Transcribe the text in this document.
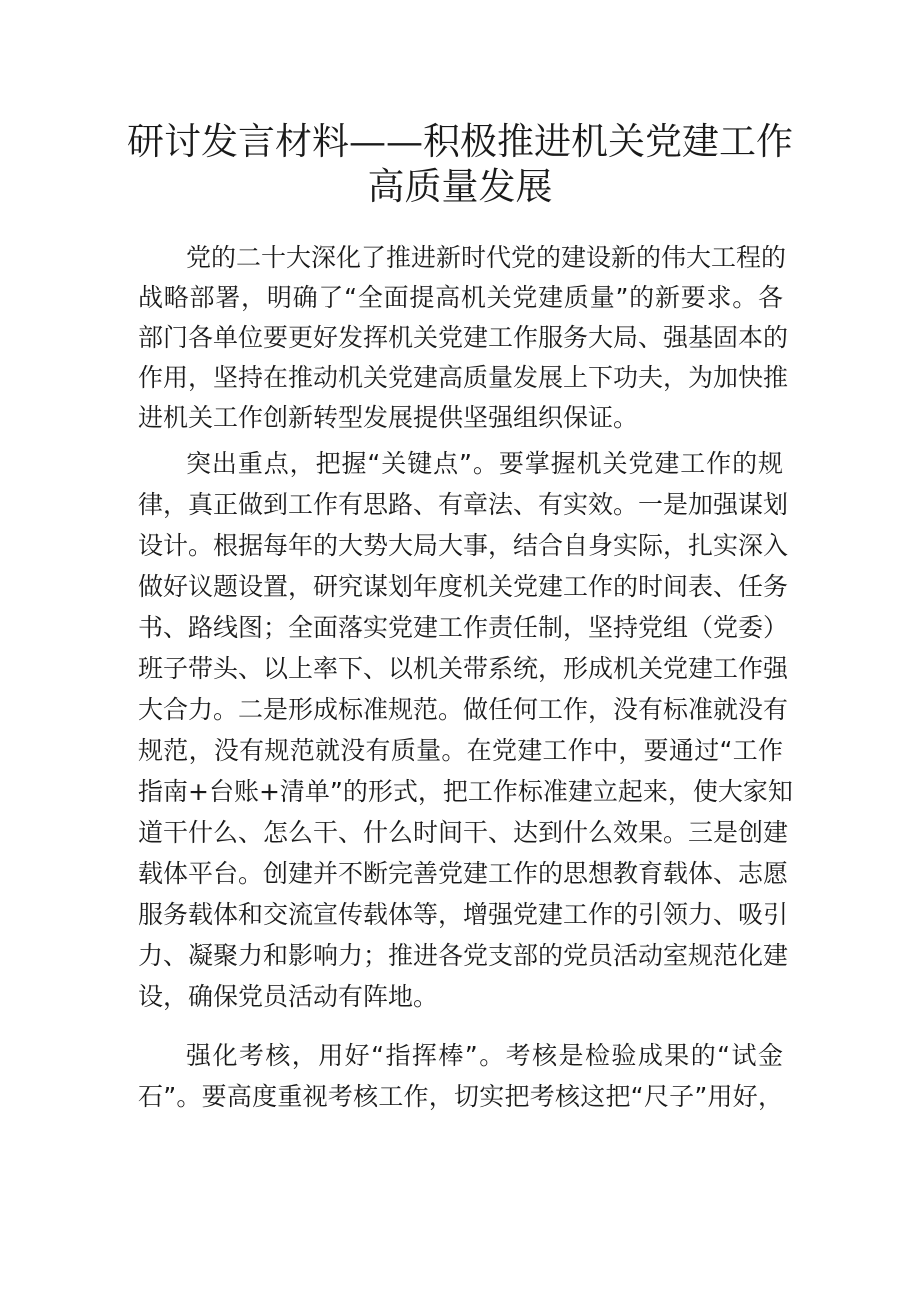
研讨发言材料——积极推进机关党建工作
高质量发展
党的二十大深化了推进新时代党的建设新的伟大工程的
战略部署，明确了“全面提高机关党建质量”的新要求。各
部门各单位要更好发挥机关党建工作服务大局、强基固本的
作用，坚持在推动机关党建高质量发展上下功夫，为加快推
进机关工作创新转型发展提供坚强组织保证。
突出重点，把握“关键点”。要掌握机关党建工作的规
律，真正做到工作有思路、有章法、有实效。一是加强谋划
设计。根据每年的大势大局大事，结合自身实际，扎实深入
做好议题设置，研究谋划年度机关党建工作的时间表、任务
书、路线图；全面落实党建工作责任制，坚持党组（党委）
班子带头、以上率下、以机关带系统，形成机关党建工作强
大合力。二是形成标准规范。做任何工作，没有标准就没有
规范，没有规范就没有质量。在党建工作中，要通过“工作
指南+台账+清单”的形式，把工作标准建立起来，使大家知
道干什么、怎么干、什么时间干、达到什么效果。三是创建
载体平台。创建并不断完善党建工作的思想教育载体、志愿
服务载体和交流宣传载体等，增强党建工作的引领力、吸引
力、凝聚力和影响力；推进各党支部的党员活动室规范化建
设，确保党员活动有阵地。
强化考核，用好“指挥棒”。考核是检验成果的“试金
石”。要高度重视考核工作，切实把考核这把“尺子”用好，
